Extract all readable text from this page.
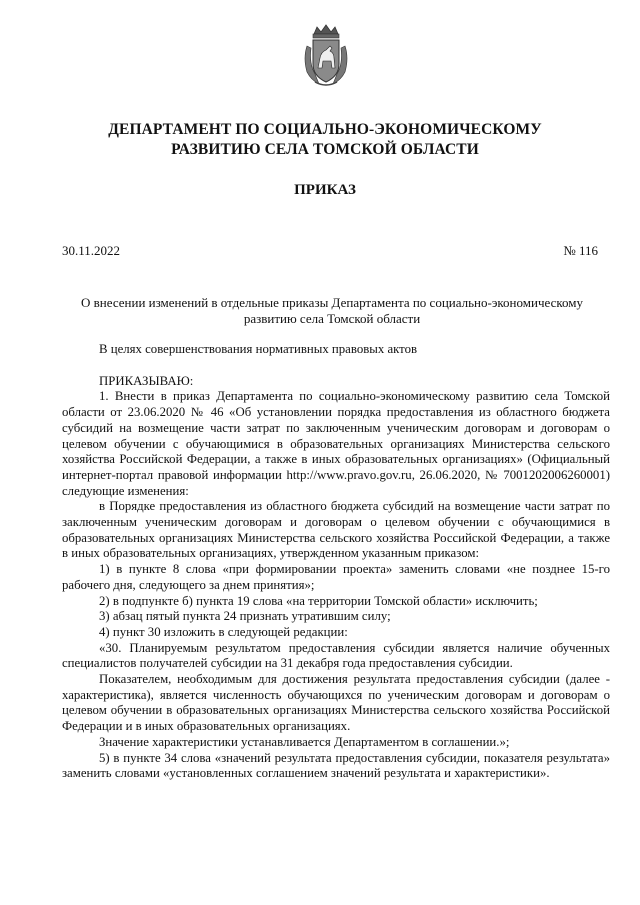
ДЕПАРТАМЕНТ ПО СОЦИАЛЬНО-ЭКОНОМИЧЕСКОМУ
РАЗВИТИЮ СЕЛА ТОМСКОЙ ОБЛАСТИ
ПРИКАЗ
30.11.2022	№ 116
О внесении изменений в отдельные приказы Департамента по социально-экономическому
развитию села Томской области

В целях совершенствования нормативных правовых актов

ПРИКАЗЫВАЮ:

1. Внести в приказ Департамента по социально-экономическому развитию села Томской области от 23.06.2020 № 46 «Об установлении порядка предоставления из областного бюджета субсидий на возмещение части затрат по заключенным ученическим договорам и договорам о целевом обучении с обучающимися в образовательных организациях Министерства сельского хозяйства Российской Федерации, а также в иных образовательных организациях» (Официальный интернет-портал правовой информации http://www.pravo.gov.ru, 26.06.2020, № 7001202006260001) следующие изменения:

в Порядке предоставления из областного бюджета субсидий на возмещение части затрат по заключенным ученическим договорам и договорам о целевом обучении с обучающимися в образовательных организациях Министерства сельского хозяйства Российской Федерации, а также в иных образовательных организациях, утвержденном указанным приказом:

1) в пункте 8 слова «при формировании проекта» заменить словами «не позднее 15-го рабочего дня, следующего за днем принятия»;

2) в подпункте б) пункта 19 слова «на территории Томской области» исключить;

3) абзац пятый пункта 24 признать утратившим силу;

4) пункт 30 изложить в следующей редакции:

«30. Планируемым результатом предоставления субсидии является наличие обученных специалистов получателей субсидии на 31 декабря года предоставления субсидии.

Показателем, необходимым для достижения результата предоставления субсидии (далее - характеристика), является численность обучающихся по ученическим договорам и договорам о целевом обучении в образовательных организациях Министерства сельского хозяйства Российской Федерации и в иных образовательных организациях.

Значение характеристики устанавливается Департаментом в соглашении.»;

5) в пункте 34 слова «значений результата предоставления субсидии, показателя результата» заменить словами «установленных соглашением значений результата и характеристики».
